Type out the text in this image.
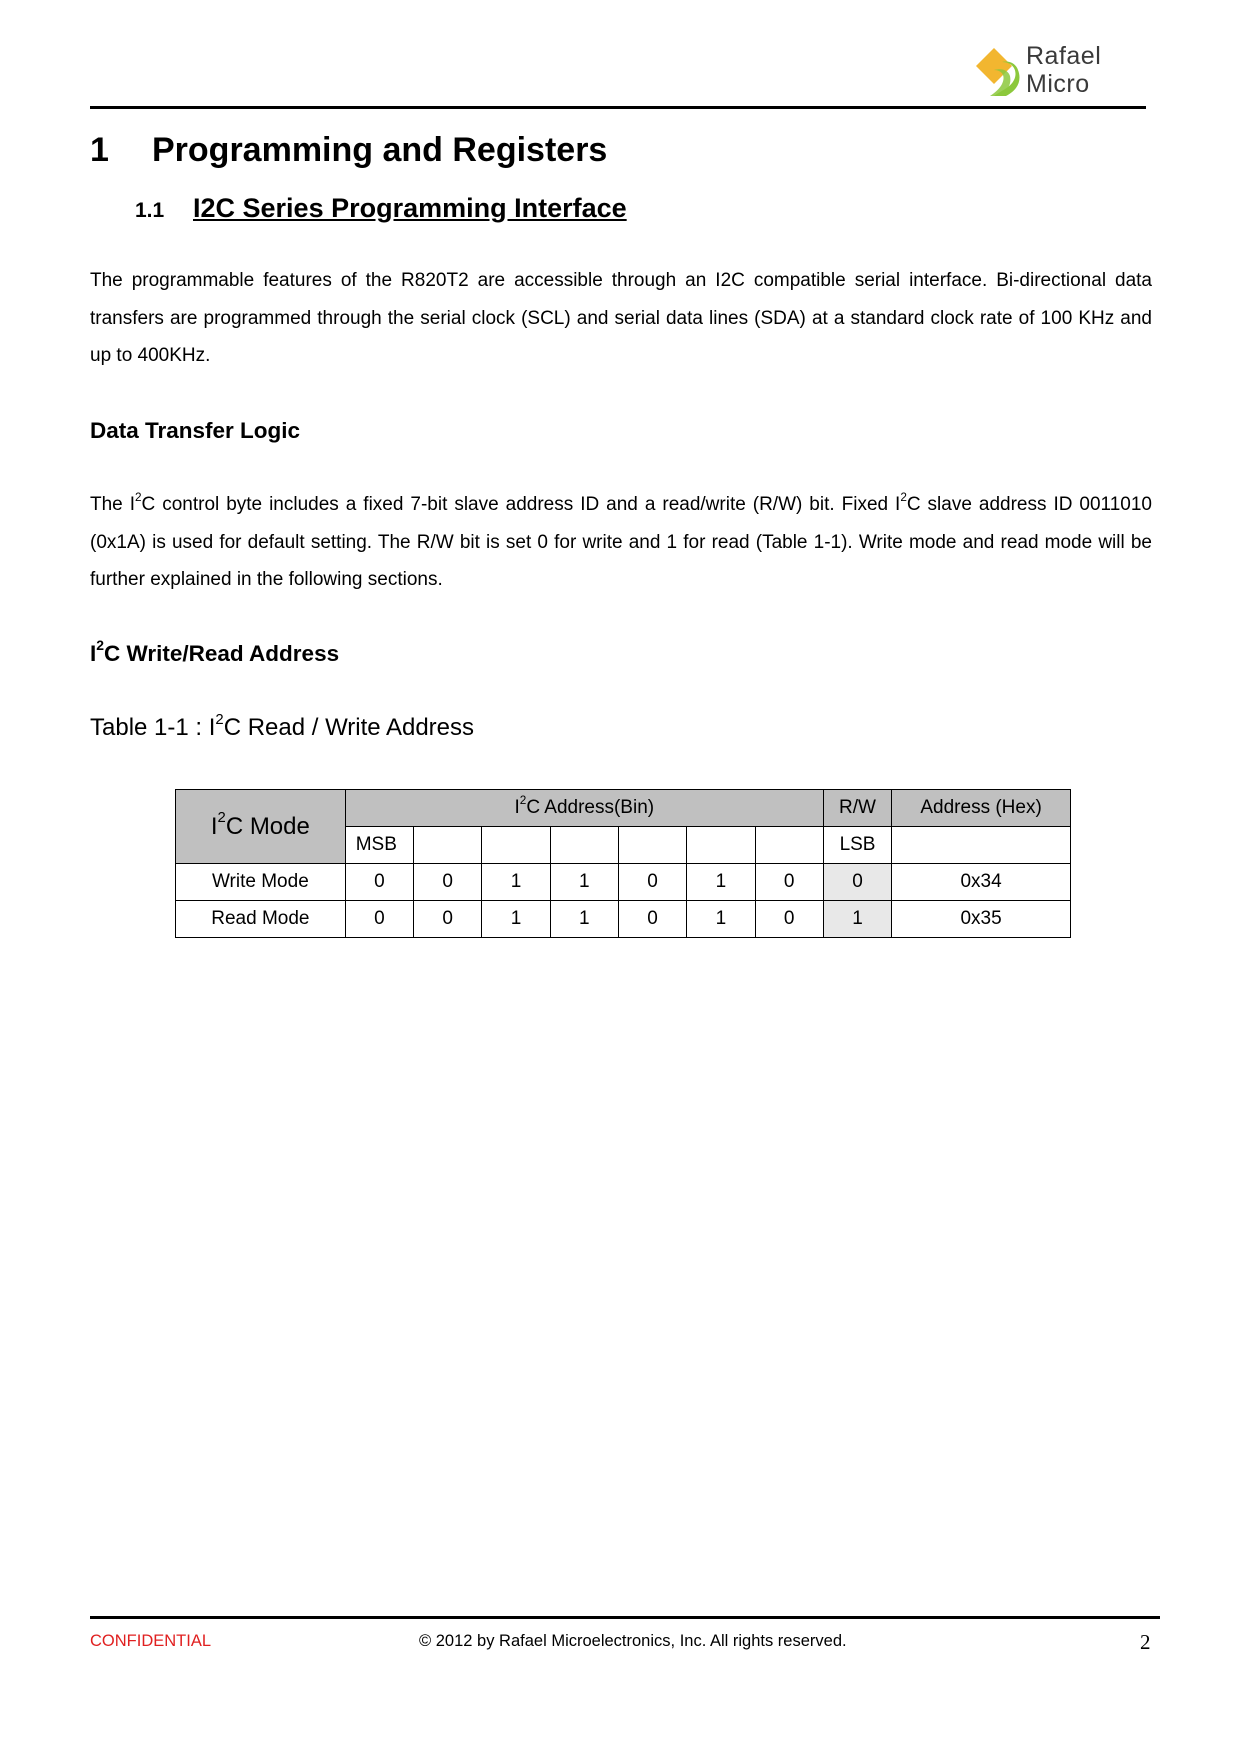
Rafael
Micro
1 Programming and Registers
1.1 I2C Series Programming Interface
The programmable features of the R820T2 are accessible through an I2C compatible serial interface. Bi-directional data transfers are programmed through the serial clock (SCL) and serial data lines (SDA) at a standard clock rate of 100 KHz and up to 400KHz.
Data Transfer Logic
The $I^2C$ control byte includes a fixed 7-bit slave address ID and a read/write (R/W) bit. Fixed $I^2C$ slave address ID 0011010 (0x1A) is used for default setting. The R/W bit is set 0 for write and 1 for read (Table 1-1). Write mode and read mode will be further explained in the following sections.
$I^2C$ Write/Read Address
Table 1-1 : $I^2C$ Read / Write Address
$I^2C$ Mode	$I^2C$ Address(Bin)							R/W	Address (Hex)
	MSB							LSB	
Write Mode	0	0	1	1	0	1	0	0	0x34
Read Mode	0	0	1	1	0	1	0	1	0x35
CONFIDENTIAL	© 2012 by Rafael Microelectronics, Inc. All rights reserved.	2
